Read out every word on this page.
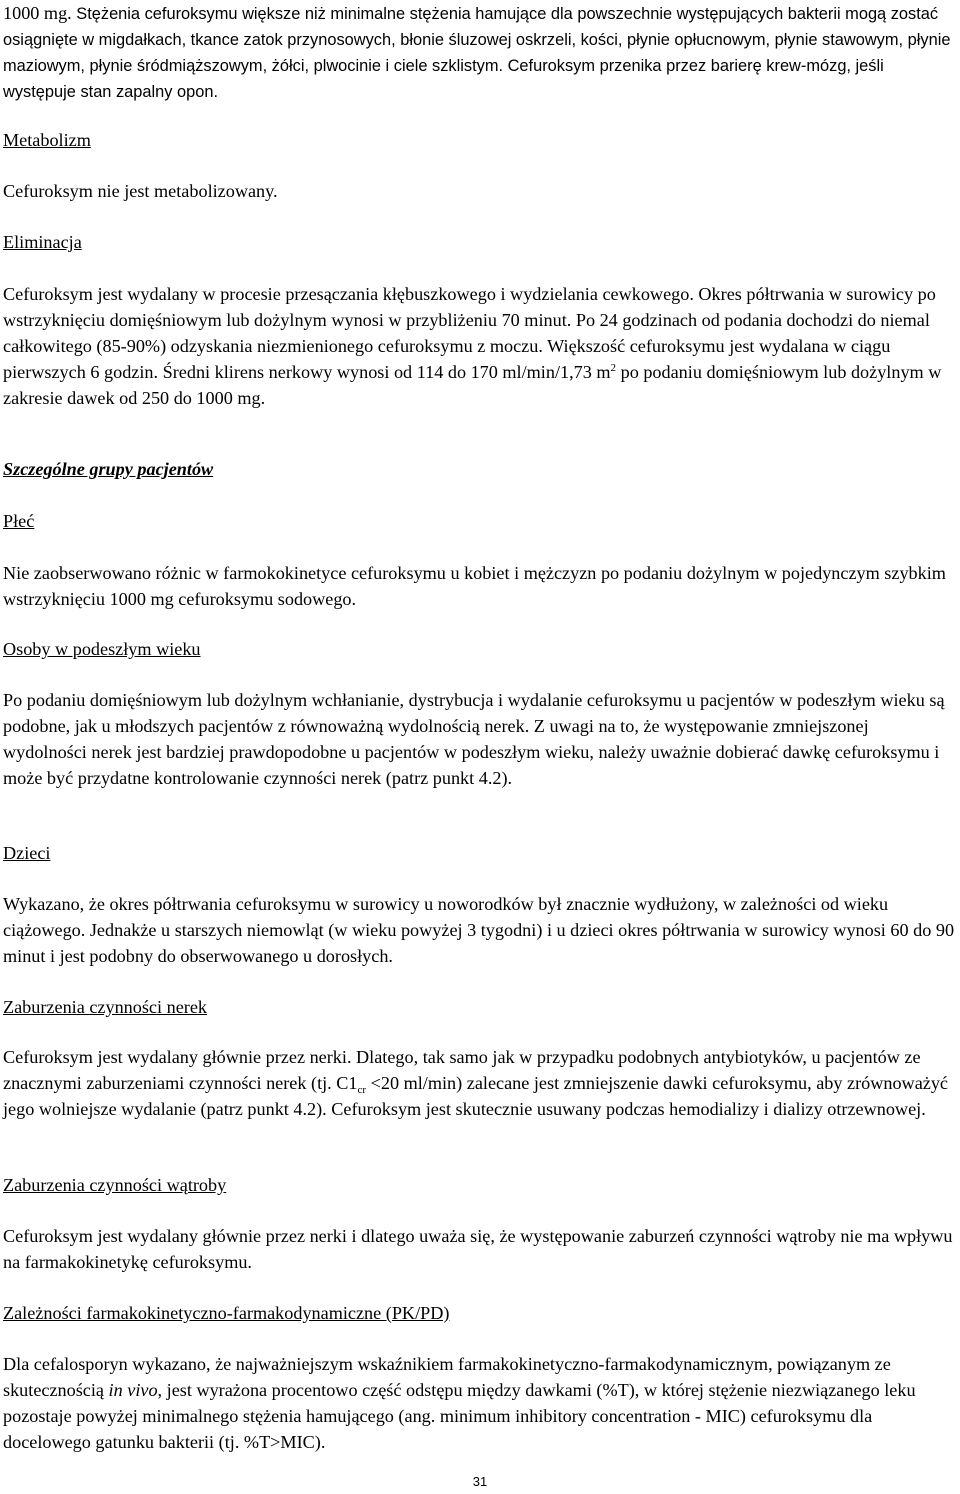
1000 mg. Stężenia cefuroksymu większe niż minimalne stężenia hamujące dla powszechnie występujących bakterii mogą zostać osiągnięte w migdałkach, tkance zatok przynosowych, błonie śluzowej oskrzeli, kości, płynie opłucnowym, płynie stawowym, płynie maziowym, płynie śródmiąższowym, żółci, plwocinie i ciele szklistym. Cefuroksym przenika przez barierę krew-mózg, jeśli występuje stan zapalny opon.

Metabolizm

Cefuroksym nie jest metabolizowany.

Eliminacja

Cefuroksym jest wydalany w procesie przesączania kłębuszkowego i wydzielania cewkowego. Okres półtrwania w surowicy po wstrzyknięciu domięśniowym lub dożylnym wynosi w przybliżeniu 70 minut. Po 24 godzinach od podania dochodzi do niemal całkowitego (85-90%) odzyskania niezmienionego cefuroksymu z moczu. Większość cefuroksymu jest wydalana w ciągu pierwszych 6 godzin. Średni klirens nerkowy wynosi od 114 do 170 ml/min/1,73 $m^2$ po podaniu domięśniowym lub dożylnym w zakresie dawek od 250 do 1000 mg.

Szczególne grupy pacjentów

Płeć

Nie zaobserwowano różnic w farmokokinetyce cefuroksymu u kobiet i mężczyzn po podaniu dożylnym w pojedynczym szybkim wstrzyknięciu 1000 mg cefuroksymu sodowego.

Osoby w podeszłym wieku

Po podaniu domięśniowym lub dożylnym wchłanianie, dystrybucja i wydalanie cefuroksymu u pacjentów w podeszłym wieku są podobne, jak u młodszych pacjentów z równoważną wydolnością nerek. Z uwagi na to, że występowanie zmniejszonej wydolności nerek jest bardziej prawdopodobne u pacjentów w podeszłym wieku, należy uważnie dobierać dawkę cefuroksymu i może być przydatne kontrolowanie czynności nerek (patrz punkt 4.2).

Dzieci

Wykazano, że okres półtrwania cefuroksymu w surowicy u noworodków był znacznie wydłużony, w zależności od wieku ciążowego. Jednakże u starszych niemowląt (w wieku powyżej 3 tygodni) i u dzieci okres półtrwania w surowicy wynosi 60 do 90 minut i jest podobny do obserwowanego u dorosłych.

Zaburzenia czynności nerek

Cefuroksym jest wydalany głównie przez nerki. Dlatego, tak samo jak w przypadku podobnych antybiotyków, u pacjentów ze znacznymi zaburzeniami czynności nerek (tj. $C1_{cr} <20$ ml/min) zalecane jest zmniejszenie dawki cefuroksymu, aby zrównoważyć jego wolniejsze wydalanie (patrz punkt 4.2). Cefuroksym jest skutecznie usuwany podczas hemodializy i dializy otrzewnowej.

Zaburzenia czynności wątroby

Cefuroksym jest wydalany głównie przez nerki i dlatego uważa się, że występowanie zaburzeń czynności wątroby nie ma wpływu na farmakokinetykę cefuroksymu.

Zależności farmakokinetyczno-farmakodynamiczne (PK/PD)

Dla cefalosporyn wykazano, że najważniejszym wskaźnikiem farmakokinetyczno-farmakodynamicznym, powiązanym ze skutecznością in vivo, jest wyrażona procentowo część odstępu między dawkami (%T), w której stężenie niezwiązanego leku pozostaje powyżej minimalnego stężenia hamującego (ang. minimum inhibitory concentration - MIC) cefuroksymu dla docelowego gatunku bakterii (tj. %T>MIC).

31
